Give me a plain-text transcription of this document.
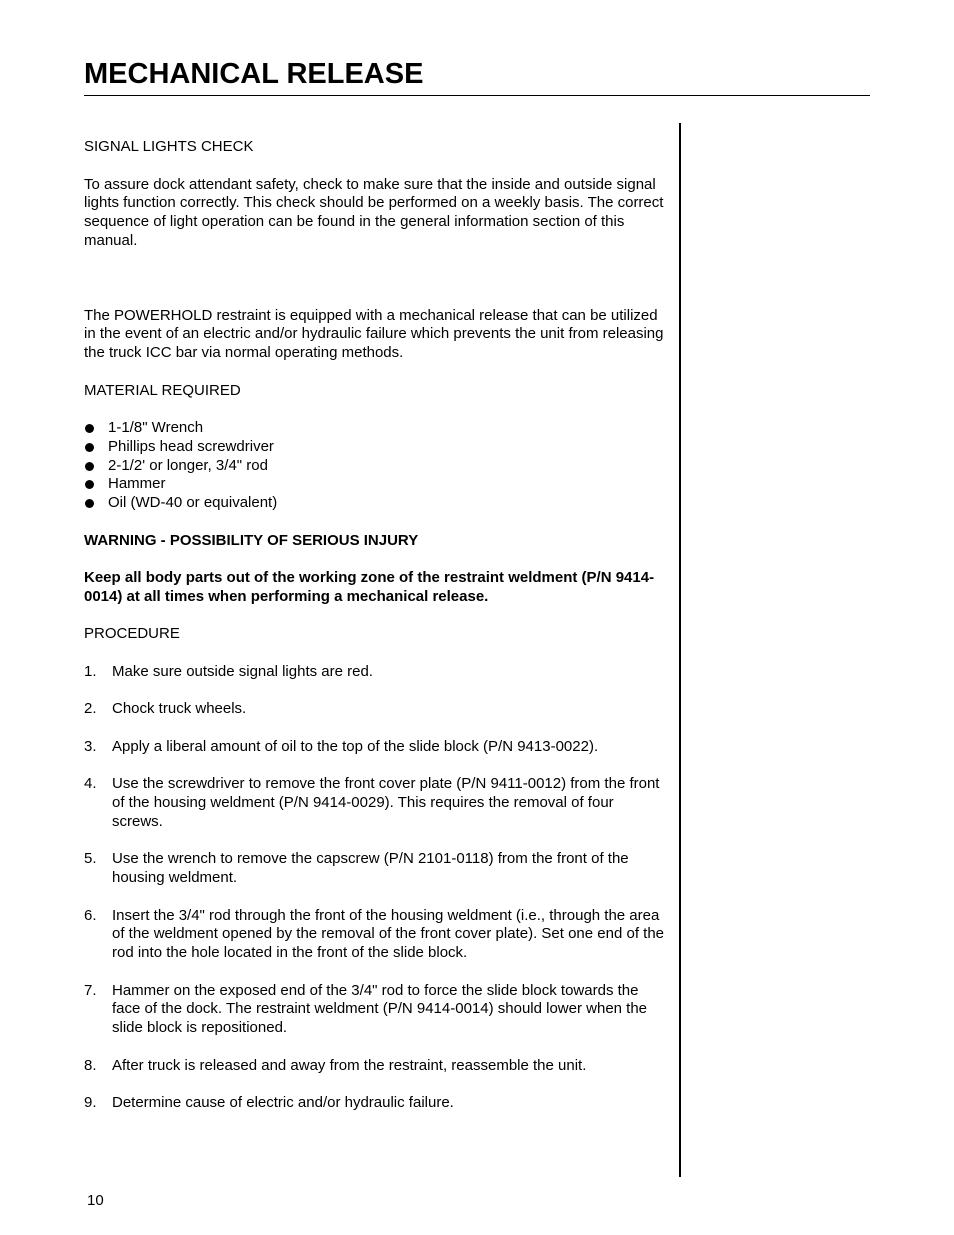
MECHANICAL RELEASE

SIGNAL LIGHTS CHECK

To assure dock attendant safety, check to make sure that the inside and outside signal lights function correctly. This check should be performed on a weekly basis. The correct sequence of light operation can be found in the general information section of this manual.

The POWERHOLD restraint is equipped with a mechanical release that can be utilized in the event of an electric and/or hydraulic failure which prevents the unit from releasing the truck ICC bar via normal operating methods.

MATERIAL REQUIRED

1-1/8" Wrench
Phillips head screwdriver
2-1/2' or longer, 3/4" rod
Hammer
Oil (WD-40 or equivalent)

WARNING - POSSIBILITY OF SERIOUS INJURY

Keep all body parts out of the working zone of the restraint weldment (P/N 9414-0014) at all times when performing a mechanical release.

PROCEDURE

1. Make sure outside signal lights are red.
2. Chock truck wheels.
3. Apply a liberal amount of oil to the top of the slide block (P/N 9413-0022).
4. Use the screwdriver to remove the front cover plate (P/N 9411-0012) from the front of the housing weldment (P/N 9414-0029). This requires the removal of four screws.
5. Use the wrench to remove the capscrew (P/N 2101-0118) from the front of the housing weldment.
6. Insert the 3/4" rod through the front of the housing weldment (i.e., through the area of the weldment opened by the removal of the front cover plate). Set one end of the rod into the hole located in the front of the slide block.
7. Hammer on the exposed end of the 3/4" rod to force the slide block towards the face of the dock. The restraint weldment (P/N 9414-0014) should lower when the slide block is repositioned.
8. After truck is released and away from the restraint, reassemble the unit.
9. Determine cause of electric and/or hydraulic failure.
10
